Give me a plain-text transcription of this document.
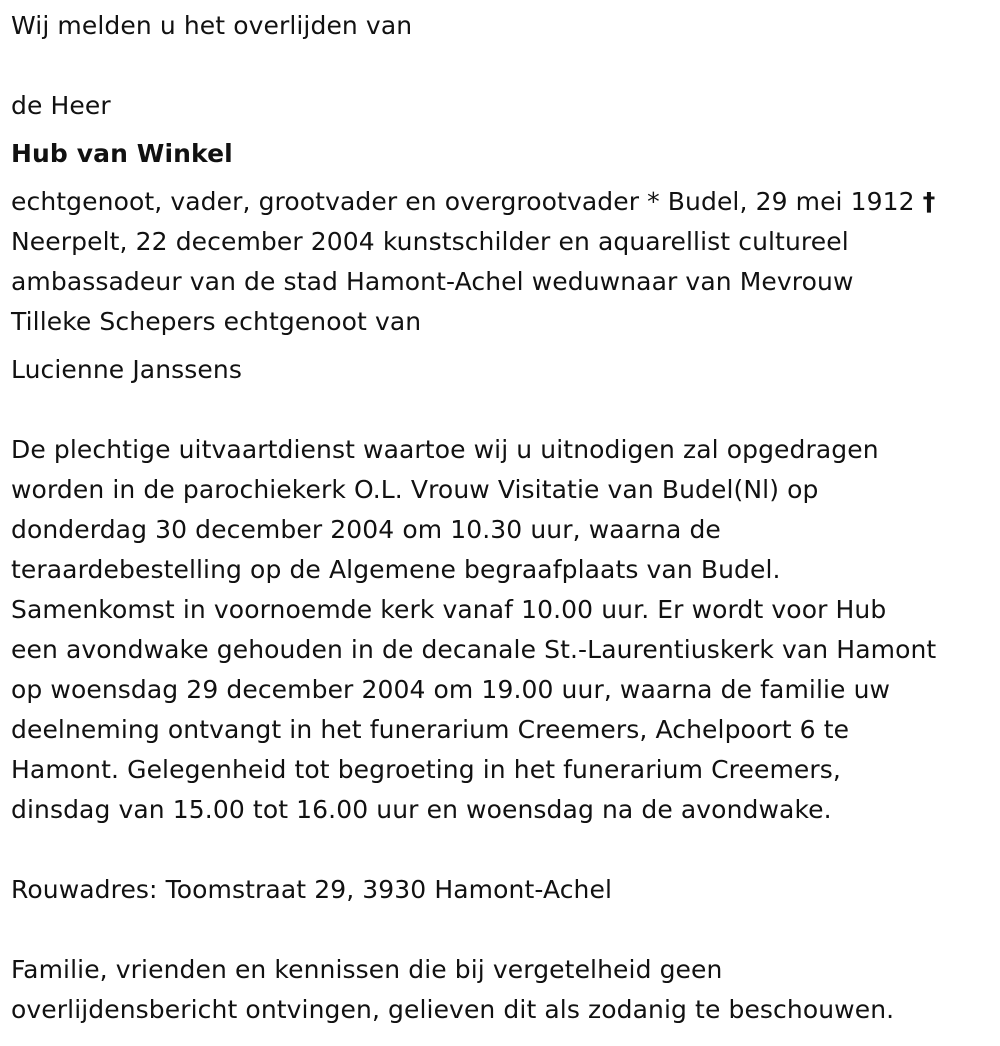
Wij melden u het overlijden van
de Heer
Hub van Winkel
echtgenoot, vader, grootvader en overgrootvader * Budel, 29 mei 1912 †
Neerpelt, 22 december 2004 kunstschilder en aquarellist cultureel
ambassadeur van de stad Hamont-Achel weduwnaar van Mevrouw
Tilleke Schepers echtgenoot van
Lucienne Janssens
De plechtige uitvaartdienst waartoe wij u uitnodigen zal opgedragen
worden in de parochiekerk O.L. Vrouw Visitatie van Budel(Nl) op
donderdag 30 december 2004 om 10.30 uur, waarna de
teraardebestelling op de Algemene begraafplaats van Budel.
Samenkomst in voornoemde kerk vanaf 10.00 uur. Er wordt voor Hub
een avondwake gehouden in de decanale St.-Laurentiuskerk van Hamont
op woensdag 29 december 2004 om 19.00 uur, waarna de familie uw
deelneming ontvangt in het funerarium Creemers, Achelpoort 6 te
Hamont. Gelegenheid tot begroeting in het funerarium Creemers,
dinsdag van 15.00 tot 16.00 uur en woensdag na de avondwake.
Rouwadres: Toomstraat 29, 3930 Hamont-Achel
Familie, vrienden en kennissen die bij vergetelheid geen
overlijdensbericht ontvingen, gelieven dit als zodanig te beschouwen.
